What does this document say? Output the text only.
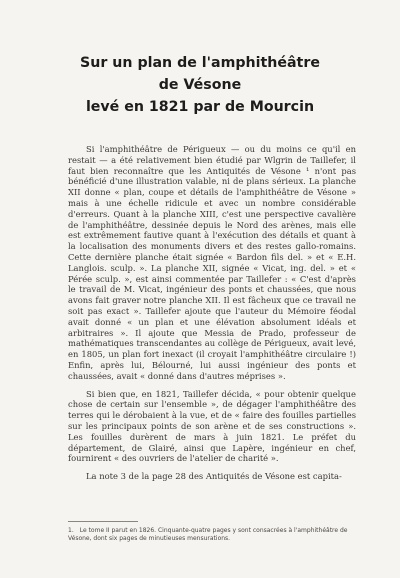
Sur un plan de l'amphithéâtre
de Vésone
levé en 1821 par de Mourcin

Si l'amphithéâtre de Périgueux — ou du moins ce qu'il en restait — a été relativement bien étudié par Wlgrin de Taillefer, il faut bien reconnaître que les Antiquités de Vésone ¹ n'ont pas bénéficié d'une illustration valable, ni de plans sérieux. La planche XII donne « plan, coupe et détails de l'amphithéâtre de Vésone » mais à une échelle ridicule et avec un nombre considérable d'erreurs. Quant à la planche XIII, c'est une perspective cavalière de l'amphithéâtre, dessinée depuis le Nord des arènes, mais elle est extrêmement fautive quant à l'exécution des détails et quant à la localisation des monuments divers et des restes gallo-romains. Cette dernière planche était signée « Bardon fils del. » et « E.H. Langlois. sculp. ». La planche XII, signée « Vicat, ing. del. » et « Pérée sculp. », est ainsi commentée par Taillefer : « C'est d'après le travail de M. Vicat, ingénieur des ponts et chaussées, que nous avons fait graver notre planche XII. Il est fâcheux que ce travail ne soit pas exact ». Taillefer ajoute que l'auteur du Mémoire féodal avait donné « un plan et une élévation absolument idéals et arbitraires ». Il ajoute que Messia de Prado, professeur de mathématiques transcendantes au collège de Périgueux, avait levé, en 1805, un plan fort inexact (il croyait l'amphithéâtre circulaire !) Enfin, après lui, Bélourné, lui aussi ingénieur des ponts et chaussées, avait « donné dans d'autres méprises ».

Si bien que, en 1821, Taillefer décida, « pour obtenir quelque chose de certain sur l'ensemble », de dégager l'amphithéâtre des terres qui le dérobaient à la vue, et de « faire des fouilles partielles sur les principaux points de son arène et de ses constructions ». Les fouilles durèrent de mars à juin 1821. Le préfet du département, de Glairé, ainsi que Lapère, ingénieur en chef, fournirent « des ouvriers de l'atelier de charité ».

La note 3 de la page 28 des Antiquités de Vésone est capita-

1. Le tome II parut en 1826. Cinquante-quatre pages y sont consacrées à l'amphithéâtre de Vésone, dont six pages de minutieuses mensurations.
